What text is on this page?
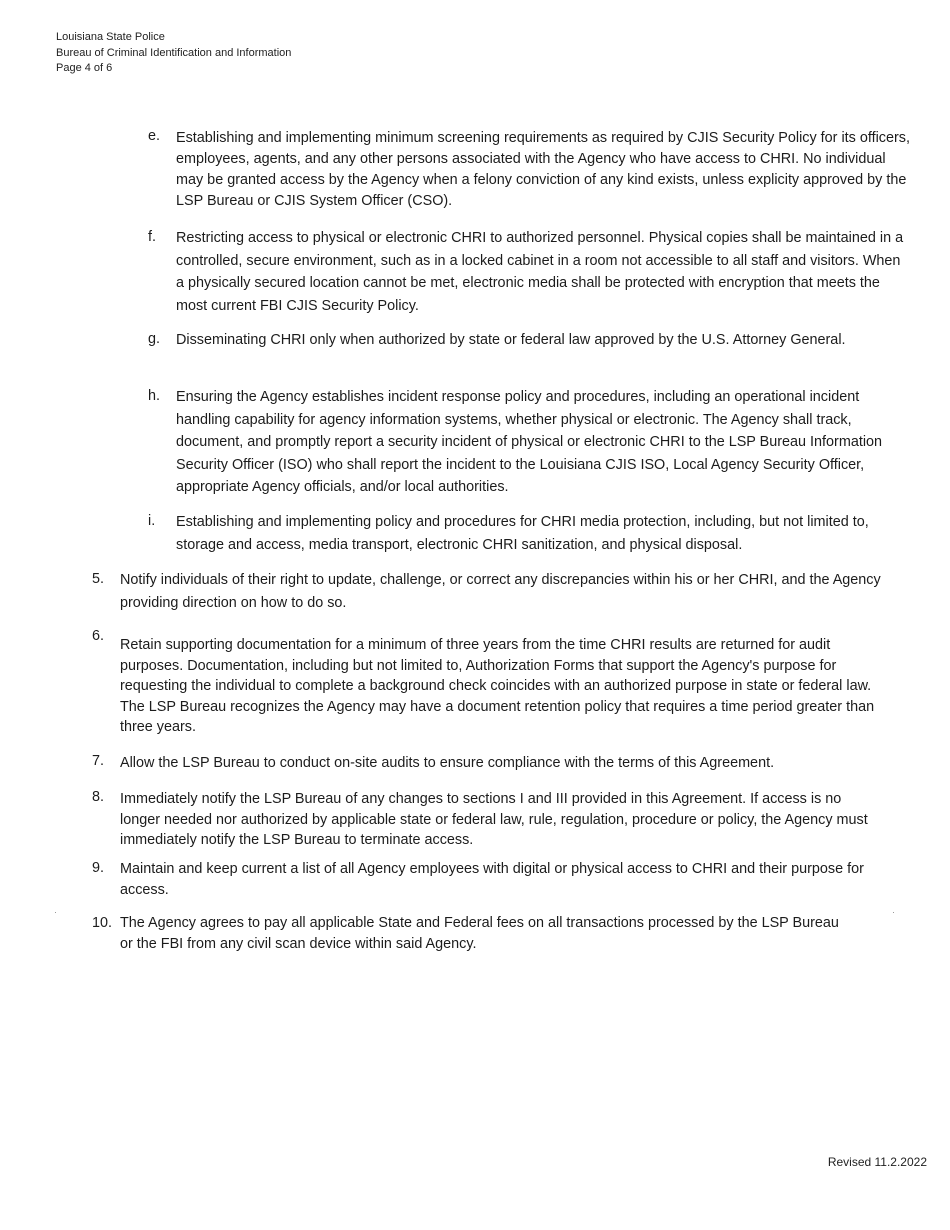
Louisiana State Police
Bureau of Criminal Identification and Information
Page 4 of 6
e. Establishing and implementing minimum screening requirements as required by CJIS Security Policy for its officers, employees, agents, and any other persons associated with the Agency who have access to CHRI. No individual may be granted access by the Agency when a felony conviction of any kind exists, unless explicity approved by the LSP Bureau or CJIS System Officer (CSO).

f. Restricting access to physical or electronic CHRI to authorized personnel. Physical copies shall be maintained in a controlled, secure environment, such as in a locked cabinet in a room not accessible to all staff and visitors. When a physically secured location cannot be met, electronic media shall be protected with encryption that meets the most current FBI CJIS Security Policy.

g. Disseminating CHRI only when authorized by state or federal law approved by the U.S. Attorney General.

h. Ensuring the Agency establishes incident response policy and procedures, including an operational incident handling capability for agency information systems, whether physical or electronic. The Agency shall track, document, and promptly report a security incident of physical or electronic CHRI to the LSP Bureau Information Security Officer (ISO) who shall report the incident to the Louisiana CJIS ISO, Local Agency Security Officer, appropriate Agency officials, and/or local authorities.

i. Establishing and implementing policy and procedures for CHRI media protection, including, but not limited to, storage and access, media transport, electronic CHRI sanitization, and physical disposal.

5. Notify individuals of their right to update, challenge, or correct any discrepancies within his or her CHRI, and the Agency providing direction on how to do so.

6.

Retain supporting documentation for a minimum of three years from the time CHRI results are returned for audit purposes. Documentation, including but not limited to, Authorization Forms that support the Agency's purpose for requesting the individual to complete a background check coincides with an authorized purpose in state or federal law. The LSP Bureau recognizes the Agency may have a document retention policy that requires a time period greater than three years.

7. Allow the LSP Bureau to conduct on-site audits to ensure compliance with the terms of this Agreement.

8. Immediately notify the LSP Bureau of any changes to sections I and III provided in this Agreement. If access is no longer needed nor authorized by applicable state or federal law, rule, regulation, procedure or policy, the Agency must immediately notify the LSP Bureau to terminate access.

9. Maintain and keep current a list of all Agency employees with digital or physical access to CHRI and their purpose for access.

10. The Agency agrees to pay all applicable State and Federal fees on all transactions processed by the LSP Bureau or the FBI from any civil scan device within said Agency.

Revised 11.2.2022
